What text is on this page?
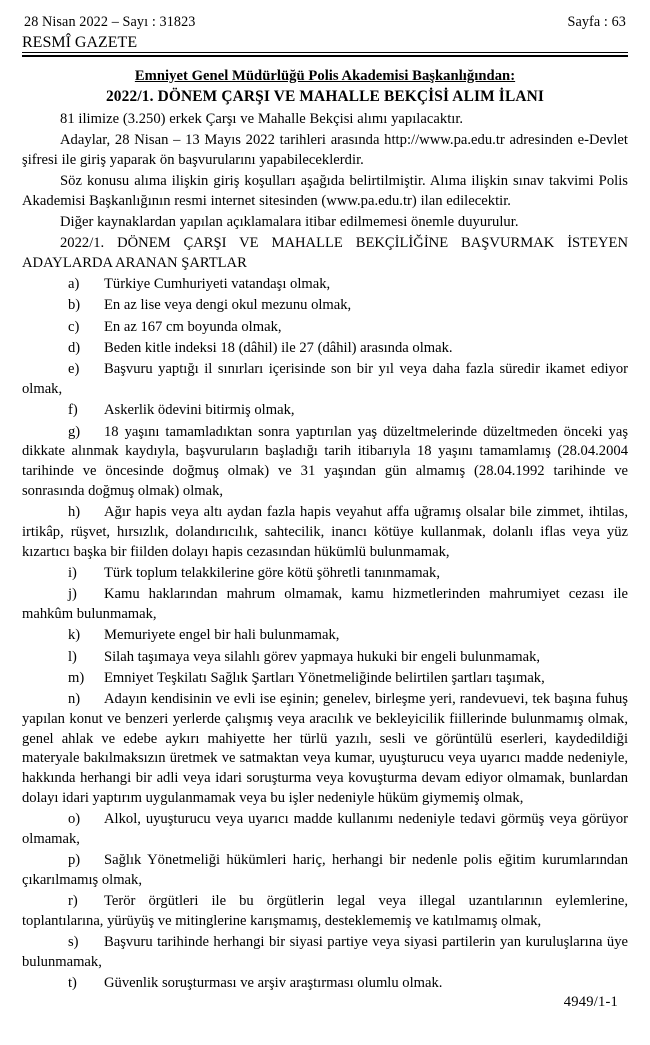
28 Nisan 2022 – Sayı : 31823	Sayfa : 63
RESMÎ GAZETE
Emniyet Genel Müdürlüğü Polis Akademisi Başkanlığından:
2022/1. DÖNEM ÇARŞI VE MAHALLE BEKÇİSİ ALIM İLANI

81 ilimize (3.250) erkek Çarşı ve Mahalle Bekçisi alımı yapılacaktır.

Adaylar, 28 Nisan – 13 Mayıs 2022 tarihleri arasında http://www.pa.edu.tr adresinden e-Devlet şifresi ile giriş yaparak ön başvurularını yapabileceklerdir.

Söz konusu alıma ilişkin giriş koşulları aşağıda belirtilmiştir. Alıma ilişkin sınav takvimi Polis Akademisi Başkanlığının resmi internet sitesinden (www.pa.edu.tr) ilan edilecektir.

Diğer kaynaklardan yapılan açıklamalara itibar edilmemesi önemle duyurulur.

2022/1. DÖNEM ÇARŞI VE MAHALLE BEKÇİLİĞİNE BAŞVURMAK İSTEYEN ADAYLARDA ARANAN ŞARTLAR
a) Türkiye Cumhuriyeti vatandaşı olmak,
b) En az lise veya dengi okul mezunu olmak,
c) En az 167 cm boyunda olmak,
d) Beden kitle indeksi 18 (dâhil) ile 27 (dâhil) arasında olmak.
e) Başvuru yaptığı il sınırları içerisinde son bir yıl veya daha fazla süredir ikamet ediyor olmak,
f) Askerlik ödevini bitirmiş olmak,
g) 18 yaşını tamamladıktan sonra yaptırılan yaş düzeltmelerinde düzeltmeden önceki yaş dikkate alınmak kaydıyla, başvuruların başladığı tarih itibarıyla 18 yaşını tamamlamış (28.04.2004 tarihinde ve öncesinde doğmuş olmak) ve 31 yaşından gün almamış (28.04.1992 tarihinde ve sonrasında doğmuş olmak) olmak,
h) Ağır hapis veya altı aydan fazla hapis veyahut affa uğramış olsalar bile zimmet, ihtilas, irtikâp, rüşvet, hırsızlık, dolandırıcılık, sahtecilik, inancı kötüye kullanmak, dolanlı iflas veya yüz kızartıcı başka bir fiilden dolayı hapis cezasından hükümlü bulunmamak,
i) Türk toplum telakkilerine göre kötü şöhretli tanınmamak,
j) Kamu haklarından mahrum olmamak, kamu hizmetlerinden mahrumiyet cezası ile mahkûm bulunmamak,
k) Memuriyete engel bir hali bulunmamak,
l) Silah taşımaya veya silahlı görev yapmaya hukuki bir engeli bulunmamak,
m) Emniyet Teşkilatı Sağlık Şartları Yönetmeliğinde belirtilen şartları taşımak,
n) Adayın kendisinin ve evli ise eşinin; genelev, birleşme yeri, randevuevi, tek başına fuhuş yapılan konut ve benzeri yerlerde çalışmış veya aracılık ve bekleyicilik fiillerinde bulunmamış olmak, genel ahlak ve edebe aykırı mahiyette her türlü yazılı, sesli ve görüntülü eserleri, kaydedildiği materyale bakılmaksızın üretmek ve satmaktan veya kumar, uyuşturucu veya uyarıcı madde nedeniyle, hakkında herhangi bir adli veya idari soruşturma veya kovuşturma devam ediyor olmamak, bunlardan dolayı idari yaptırım uygulanmamak veya bu işler nedeniyle hüküm giymemiş olmak,
o) Alkol, uyuşturucu veya uyarıcı madde kullanımı nedeniyle tedavi görmüş veya görüyor olmamak,
p) Sağlık Yönetmeliği hükümleri hariç, herhangi bir nedenle polis eğitim kurumlarından çıkarılmamış olmak,
r) Terör örgütleri ile bu örgütlerin legal veya illegal uzantılarının eylemlerine, toplantılarına, yürüyüş ve mitinglerine karışmamış, desteklememiş ve katılmamış olmak,
s) Başvuru tarihinde herhangi bir siyasi partiye veya siyasi partilerin yan kuruluşlarına üye bulunmamak,
t) Güvenlik soruşturması ve arşiv araştırması olumlu olmak.
4949/1-1
